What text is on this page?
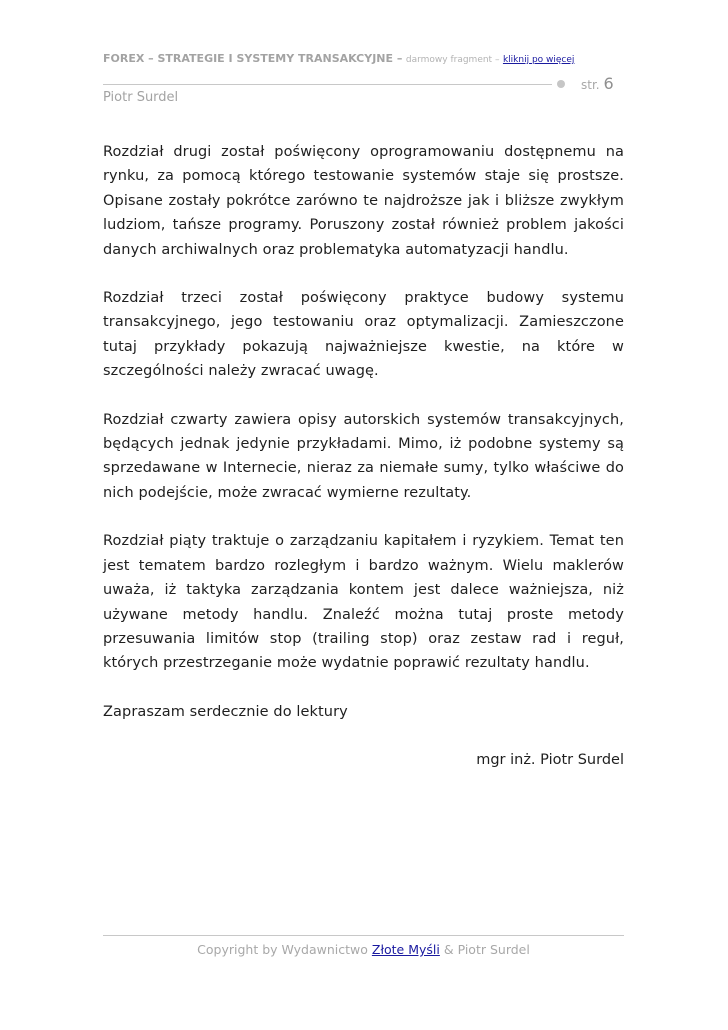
FOREX – STRATEGIE I SYSTEMY TRANSAKCYJNE – darmowy fragment – kliknij po więcej
str. 6
Piotr Surdel

Rozdział drugi został poświęcony oprogramowaniu dostępnemu na rynku, za pomocą którego testowanie systemów staje się prostsze. Opisane zostały pokrótce zarówno te najdroższe jak i bliższe zwykłym ludziom, tańsze programy. Poruszony został również problem jakości danych archiwalnych oraz problematyka automatyzacji handlu.

Rozdział trzeci został poświęcony praktyce budowy systemu transakcyjnego, jego testowaniu oraz optymalizacji. Zamieszczone tutaj przykłady pokazują najważniejsze kwestie, na które w szczególności należy zwracać uwagę.

Rozdział czwarty zawiera opisy autorskich systemów transakcyjnych, będących jednak jedynie przykładami. Mimo, iż podobne systemy są sprzedawane w Internecie, nieraz za niemałe sumy, tylko właściwe do nich podejście, może zwracać wymierne rezultaty.

Rozdział piąty traktuje o zarządzaniu kapitałem i ryzykiem. Temat ten jest tematem bardzo rozległym i bardzo ważnym. Wielu maklerów uważa, iż taktyka zarządzania kontem jest dalece ważniejsza, niż używane metody handlu. Znaleźć można tutaj proste metody przesuwania limitów stop (trailing stop) oraz zestaw rad i reguł, których przestrzeganie może wydatnie poprawić rezultaty handlu.

Zapraszam serdecznie do lektury

mgr inż. Piotr Surdel

Copyright by Wydawnictwo Złote Myśli & Piotr Surdel
